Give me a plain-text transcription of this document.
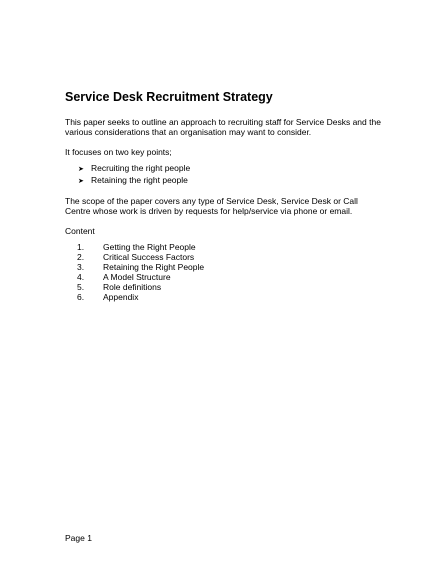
Service Desk Recruitment Strategy

This paper seeks to outline an approach to recruiting staff for Service Desks and the various considerations that an organisation may want to consider.

It focuses on two key points;

➤ Recruiting the right people
➤ Retaining the right people

The scope of the paper covers any type of Service Desk, Service Desk or Call Centre whose work is driven by requests for help/service via phone or email.

Content

1.	Getting the Right People
2.	Critical Success Factors
3.	Retaining the Right People
4.	A Model Structure
5.	Role definitions
6.	Appendix
Page 1
